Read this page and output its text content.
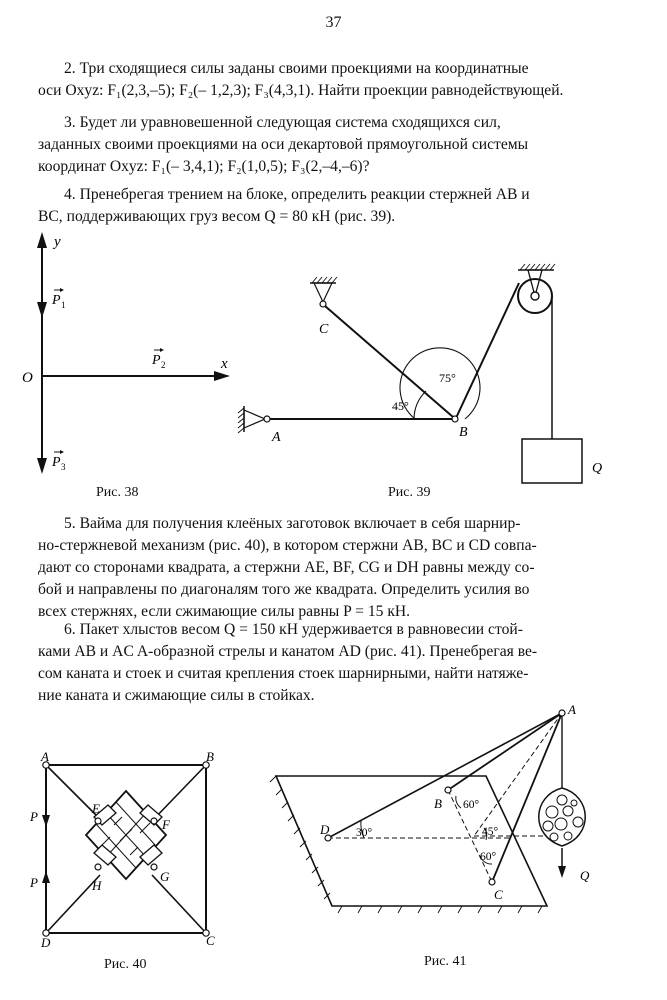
37
2. Три сходящиеся силы заданы своими проекциями на координатные
оси Oxyz: F₁(2,3,–5); F₂(– 1,2,3); F₃(4,3,1). Найти проекции равнодействующей.
3. Будет ли уравновешенной следующая система сходящихся сил,
заданных своими проекциями на оси декартовой прямоугольной системы
координат Oxyz: F₁(– 3,4,1); F₂(1,0,5); F₃(2,–4,–6)?
4. Пренебрегая трением на блоке, определить реакции стержней AB и
BC, поддерживающих груз весом Q = 80 кН (рис. 39).
y
x
O
P 1
P 2
P 3
Рис. 38
A	B
C
Q
75°
45°
Рис. 39
5. Вайма для получения клеёных заготовок включает в себя шарнир-
но-стержневой механизм (рис. 40), в котором стержни AB, BC и CD совпа-
дают со сторонами квадрата, а стержни AE, BF, CG и DH равны между со-
бой и направлены по диагоналям того же квадрата. Определить усилия во
всех стержнях, если сжимающие силы равны P = 15 кН.
6. Пакет хлыстов весом Q = 150 кН удерживается в равновесии стой-
ками AB и AC A-образной стрелы и канатом AD (рис. 41). Пренебрегая ве-
сом каната и стоек и считая крепления стоек шарнирными, найти натяже-
ние каната и сжимающие силы в стойках.
A	B
C
D
E
F
G
H
P
P
Рис. 40
A
B
C
D
Q
30°
60°
45°
60°
Рис. 41
